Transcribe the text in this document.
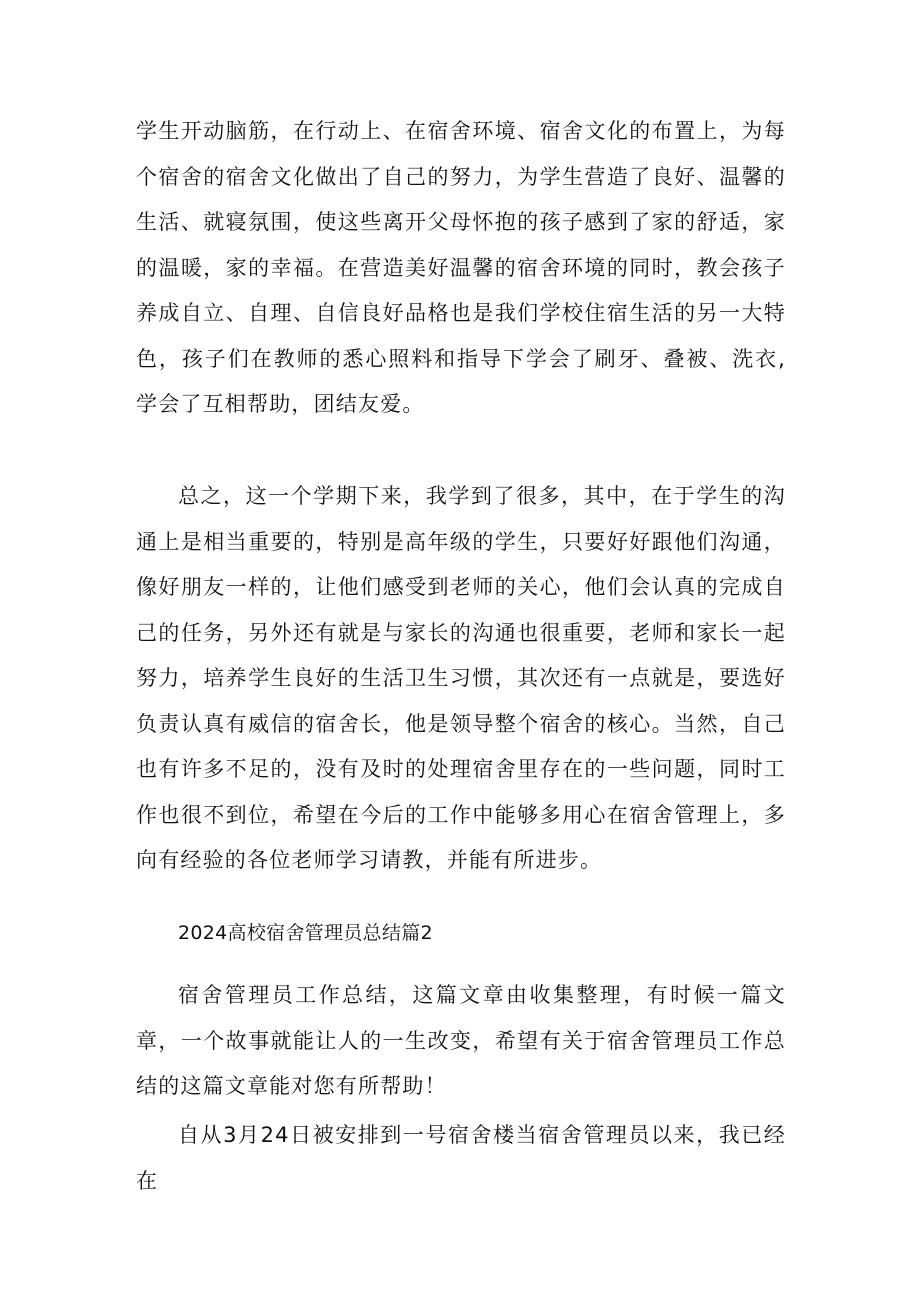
学生开动脑筋，在行动上、在宿舍环境、宿舍文化的布置上，为每个宿舍的宿舍文化做出了自己的努力，为学生营造了良好、温馨的生活、就寝氛围，使这些离开父母怀抱的孩子感到了家的舒适，家的温暖，家的幸福。在营造美好温馨的宿舍环境的同时，教会孩子养成自立、自理、自信良好品格也是我们学校住宿生活的另一大特色，孩子们在教师的悉心照料和指导下学会了刷牙、叠被、洗衣,学会了互相帮助，团结友爱。

总之，这一个学期下来，我学到了很多，其中，在于学生的沟通上是相当重要的，特别是高年级的学生，只要好好跟他们沟通，像好朋友一样的，让他们感受到老师的关心，他们会认真的完成自己的任务，另外还有就是与家长的沟通也很重要，老师和家长一起努力，培养学生良好的生活卫生习惯，其次还有一点就是，要选好负责认真有威信的宿舍长，他是领导整个宿舍的核心。当然，自己也有许多不足的，没有及时的处理宿舍里存在的一些问题，同时工作也很不到位，希望在今后的工作中能够多用心在宿舍管理上，多向有经验的各位老师学习请教，并能有所进步。

2024高校宿舍管理员总结篇2

宿舍管理员工作总结，这篇文章由收集整理，有时候一篇文章，一个故事就能让人的一生改变，希望有关于宿舍管理员工作总结的这篇文章能对您有所帮助！

自从3月24日被安排到一号宿舍楼当宿舍管理员以来，我已经在
